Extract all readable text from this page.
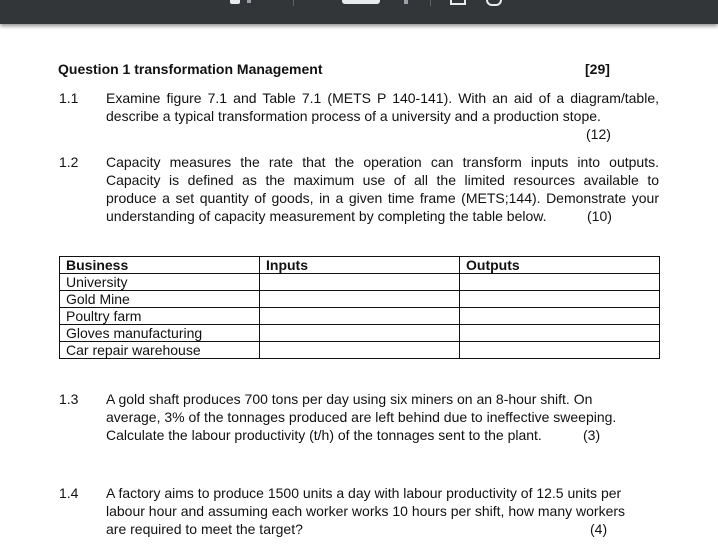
Question 1 transformation Management	[29]
1.1 Examine figure 7.1 and Table 7.1 (METS P 140-141). With an aid of a diagram/table,
describe a typical transformation process of a university and a production stope.
(12)
1.2 Capacity measures the rate that the operation can transform inputs into outputs.
Capacity is defined as the maximum use of all the limited resources available to
produce a set quantity of goods, in a given time frame (METS;144). Demonstrate your
understanding of capacity measurement by completing the table below.	(10)
Business	Inputs	Outputs
University		
Gold Mine		
Poultry farm		
Gloves manufacturing		
Car repair warehouse		
1.3 A gold shaft produces 700 tons per day using six miners on an 8-hour shift. On
average, 3% of the tonnages produced are left behind due to ineffective sweeping.
Calculate the labour productivity (t/h) of the tonnages sent to the plant.	(3)
1.4 A factory aims to produce 1500 units a day with labour productivity of 12.5 units per
labour hour and assuming each worker works 10 hours per shift, how many workers
are required to meet the target?	(4)
